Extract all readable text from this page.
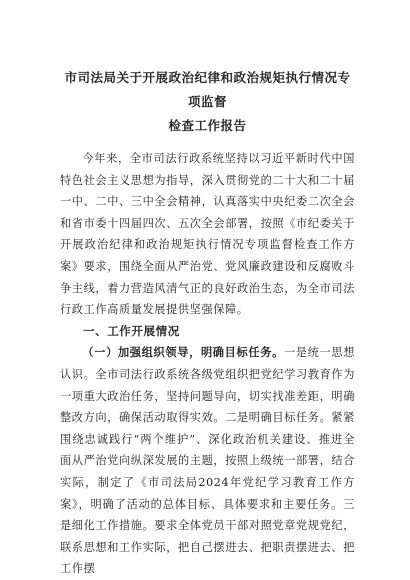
市司法局关于开展政治纪律和政治规矩执行情况专项监督

检查工作报告

今年来，全市司法行政系统坚持以习近平新时代中国特色社会主义思想为指导，深入贯彻党的二十大和二十届一中、二中、三中全会精神，认真落实中央纪委二次全会和省市委十四届四次、五次全会部署，按照《市纪委关于开展政治纪律和政治规矩执行情况专项监督检查工作方案》要求，围绕全面从严治党、党风廉政建设和反腐败斗争主线，着力营造风清气正的良好政治生态，为全市司法行政工作高质量发展提供坚强保障。

一、工作开展情况

（一）加强组织领导，明确目标任务。一是统一思想认识。全市司法行政系统各级党组织把党纪学习教育作为一项重大政治任务，坚持问题导向，切实找准差距，明确整改方向，确保活动取得实效。二是明确目标任务。紧紧围绕忠诚践行“两个维护”、深化政治机关建设、推进全面从严治党向纵深发展的主题，按照上级统一部署，结合实际，制定了《市司法局2024年党纪学习教育工作方案》，明确了活动的总体目标、具体要求和主要任务。三是细化工作措施。要求全体党员干部对照党章党规党纪，联系思想和工作实际，把自己摆进去、把职责摆进去、把工作摆
